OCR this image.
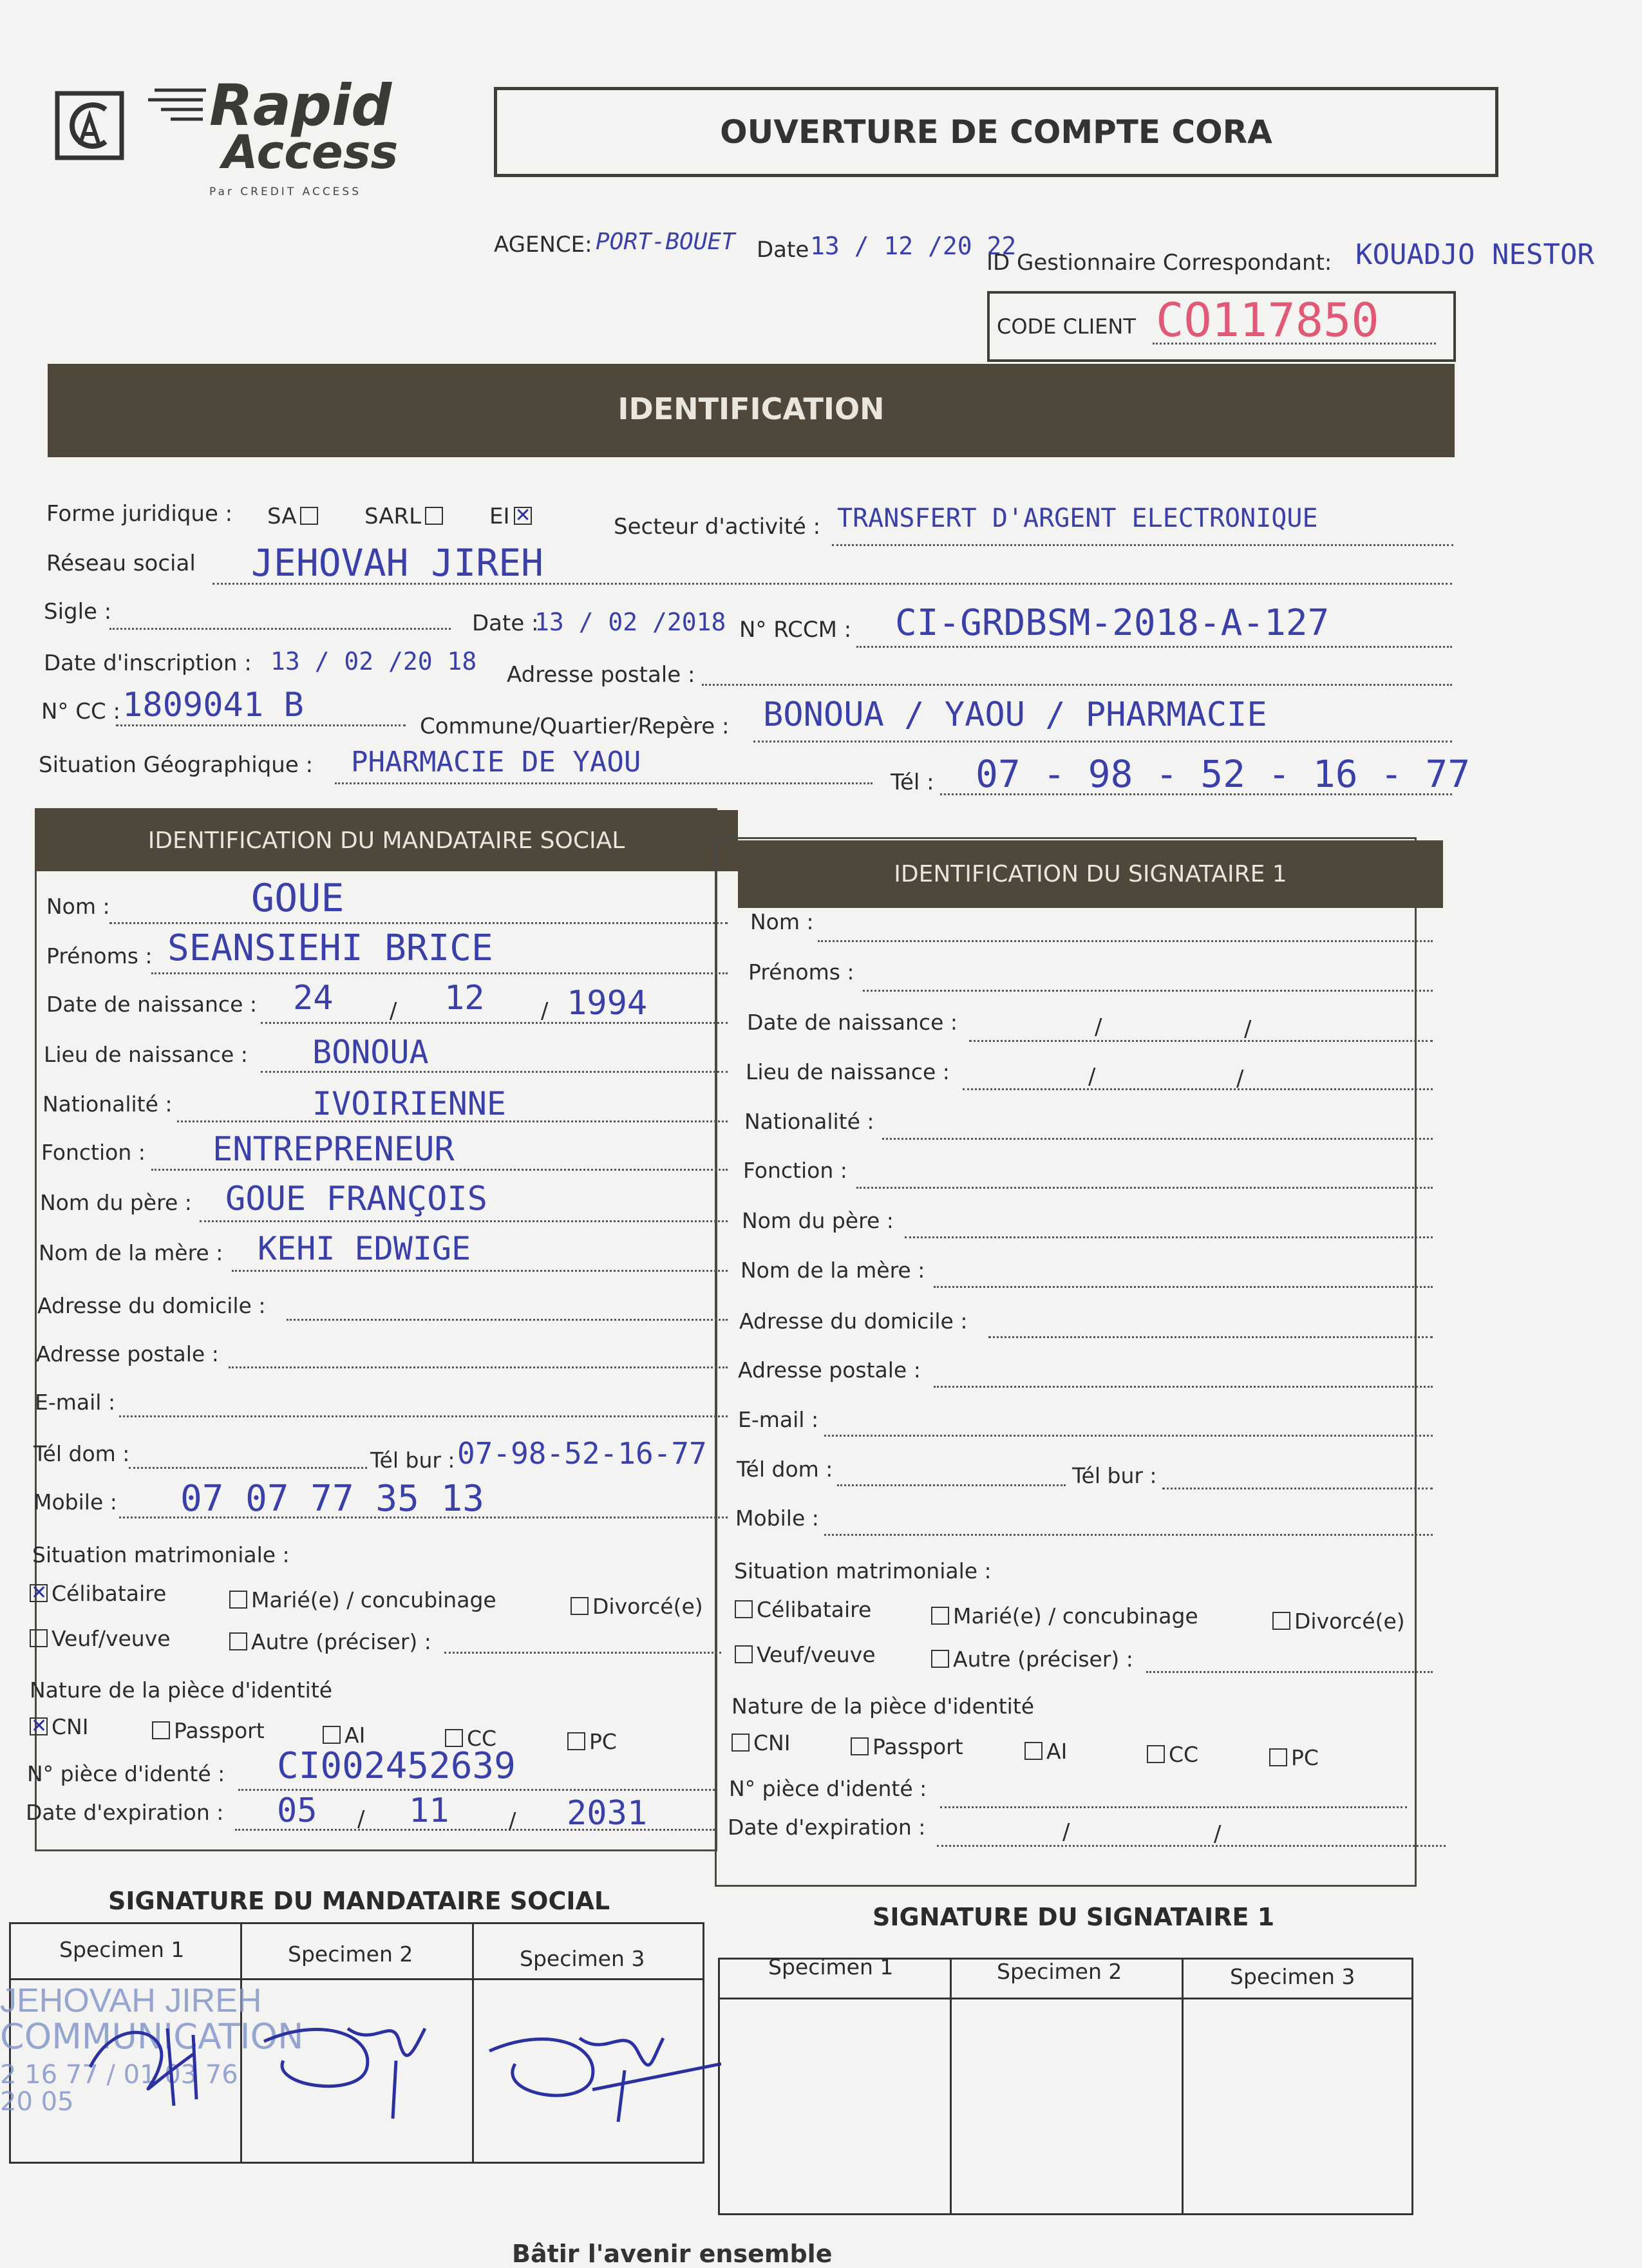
Rapid
Access
Par CREDIT ACCESS
OUVERTURE DE COMPTE CORA
AGENCE: PORT-BOUET Date 13 / 12 /20 22
ID Gestionnaire Correspondant: KOUADJO NESTOR
CODE CLIENT CO117850
IDENTIFICATION
Forme juridique : SA	SARL	EI✕	Secteur d'activité : TRANSFERT D'ARGENT ELECTRONIQUE
Réseau social JEHOVAH JIREH
Sigle :	Date :
13 / 02 /2018 N° RCCM : CI-GRDBSM-2018-A-127
Date d'inscription : 13 / 02 /20 18 Adresse postale :
N° CC : 1809041 B
Commune/Quartier/Repère : BONOUA / YAOU / PHARMACIE
Situation Géographique : PHARMACIE DE YAOU
Tél : 07 - 98 - 52 - 16 - 77
IDENTIFICATION DU MANDATAIRE SOCIAL
IDENTIFICATION DU SIGNATAIRE 1
Nom :	GOUE
Prénoms : SEANSIEHI BRICE
Date de naissance : 24	/ 12	/ 1994
Lieu de naissance : BONOUA
Nationalité :	IVOIRIENNE
Fonction : ENTREPRENEUR
Nom du père : GOUE FRANÇOIS
Nom de la mère : KEHI EDWIGE
Adresse du domicile :
Adresse postale :
E-mail :
Tél dom :	Tél bur : 07-98-52-16-77
Mobile : 07 07 77 35 13
Situation matrimoniale :
✕Célibataire	Marié(e) / concubinage	Divorcé(e)
Veuf/veuve	Autre (préciser) :
Nature de la pièce d'identité
✕CNI	Passport	AI	CC	PC
N° pièce d'identé : CI002452639
Date d'expiration : 05 / 11	/ 2031
Nom :
Prénoms :
Date de naissance :	/	/
Lieu de naissance :	/	/
Nationalité :
Fonction :
Nom du père :
Nom de la mère :
Adresse du domicile :
Adresse postale :
E-mail :
Tél dom :	Tél bur :
Mobile :
Situation matrimoniale :
Célibataire	Marié(e) / concubinage	Divorcé(e)
Veuf/veuve	Autre (préciser) :
Nature de la pièce d'identité
CNI	Passport	AI	CC	PC
N° pièce d'identé :
Date d'expiration :	/	/
SIGNATURE DU MANDATAIRE SOCIAL
SIGNATURE DU SIGNATAIRE 1
Specimen 1	Specimen 2	Specimen 3
JEHOVAH JIREH
COMMUNICATION
2 16 77 / 01 03 76 20 05
Specimen 1	Specimen 2	Specimen 3
Bâtir l'avenir ensemble
